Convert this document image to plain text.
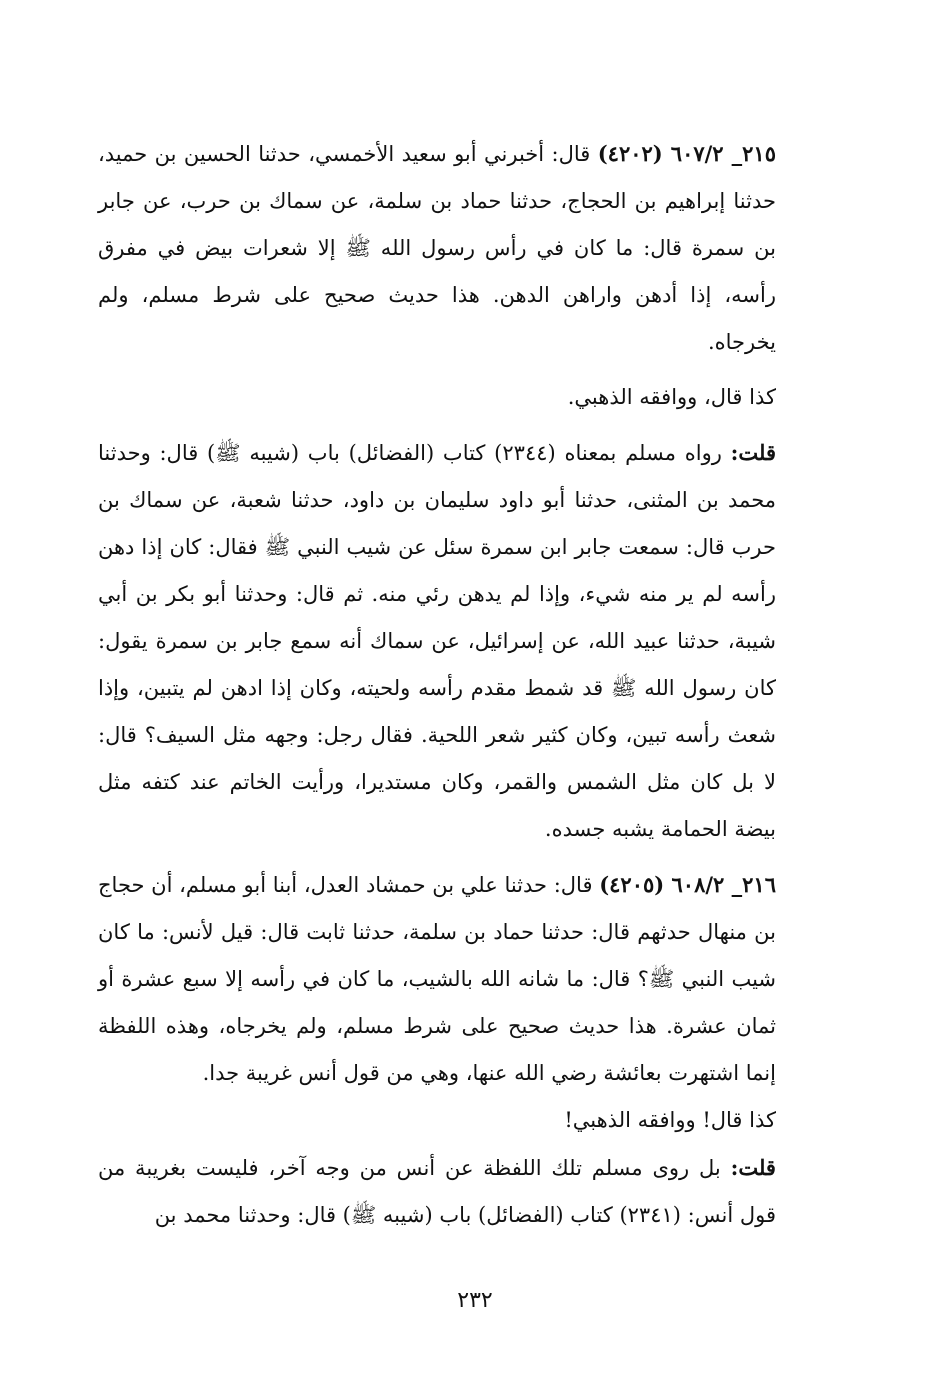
٢١٥_ ٦٠٧/٢ (٤٢٠٢) قال: أخبرني أبو سعيد الأخمسي، حدثنا الحسين بن حميد، حدثنا إبراهيم بن الحجاج، حدثنا حماد بن سلمة، عن سماك بن حرب، عن جابر بن سمرة قال: ما كان في رأس رسول الله ﷺ إلا شعرات بيض في مفرق رأسه، إذا أدهن واراهن الدهن. هذا حديث صحيح على شرط مسلم، ولم يخرجاه.

كذا قال، ووافقه الذهبي.

قلت: رواه مسلم بمعناه (٢٣٤٤) كتاب (الفضائل) باب (شيبه ﷺ) قال: وحدثنا محمد بن المثنى، حدثنا أبو داود سليمان بن داود، حدثنا شعبة، عن سماك بن حرب قال: سمعت جابر ابن سمرة سئل عن شيب النبي ﷺ فقال: كان إذا دهن رأسه لم ير منه شيء، وإذا لم يدهن رئي منه. ثم قال: وحدثنا أبو بكر بن أبي شيبة، حدثنا عبيد الله، عن إسرائيل، عن سماك أنه سمع جابر بن سمرة يقول: كان رسول الله ﷺ قد شمط مقدم رأسه ولحيته، وكان إذا ادهن لم يتبين، وإذا شعث رأسه تبين، وكان كثير شعر اللحية. فقال رجل: وجهه مثل السيف؟ قال: لا بل كان مثل الشمس والقمر، وكان مستديرا، ورأيت الخاتم عند كتفه مثل بيضة الحمامة يشبه جسده.

٢١٦_ ٦٠٨/٢ (٤٢٠٥) قال: حدثنا علي بن حمشاد العدل، أبنا أبو مسلم، أن حجاج بن منهال حدثهم قال: حدثنا حماد بن سلمة، حدثنا ثابت قال: قيل لأنس: ما كان شيب النبي ﷺ؟ قال: ما شانه الله بالشيب، ما كان في رأسه إلا سبع عشرة أو ثمان عشرة. هذا حديث صحيح على شرط مسلم، ولم يخرجاه، وهذه اللفظة إنما اشتهرت بعائشة رضي الله عنها، وهي من قول أنس غريبة جدا.

كذا قال! ووافقه الذهبي!

قلت: بل روى مسلم تلك اللفظة عن أنس من وجه آخر، فليست بغريبة من قول أنس: (٢٣٤١) كتاب (الفضائل) باب (شيبه ﷺ) قال: وحدثنا محمد بن

٢٣٢
